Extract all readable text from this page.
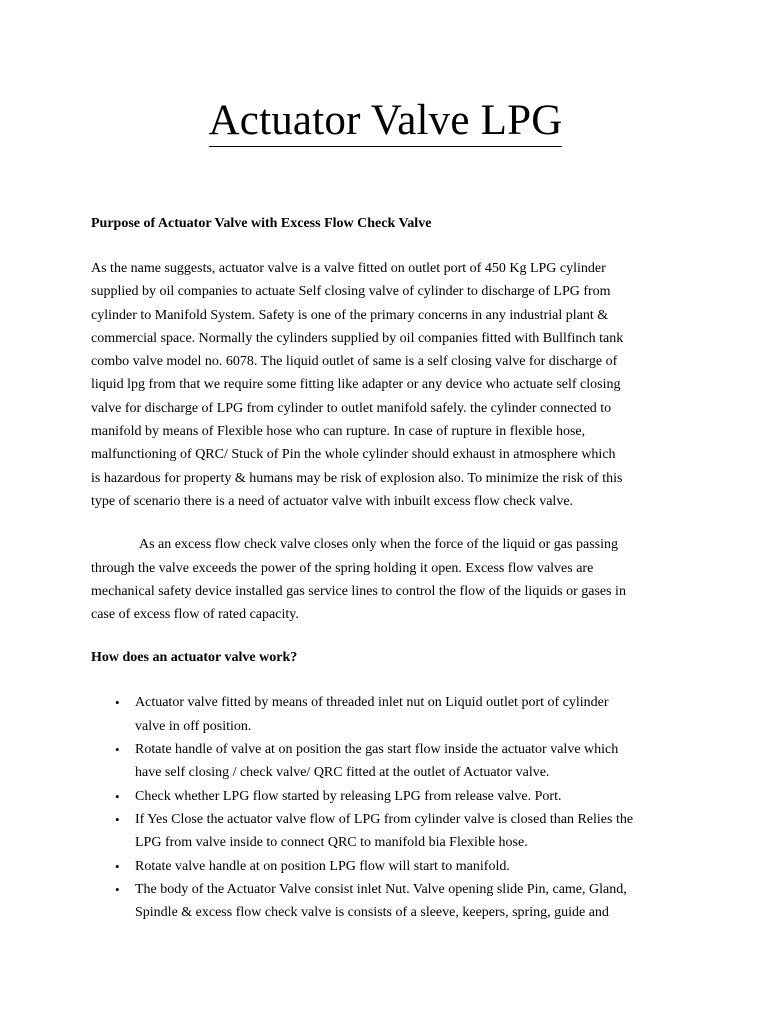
Actuator Valve LPG

Purpose of Actuator Valve with Excess Flow Check Valve

As the name suggests, actuator valve is a valve fitted on outlet port of 450 Kg LPG cylinder
supplied by oil companies to actuate Self closing valve of cylinder to discharge of LPG from
cylinder to Manifold System. Safety is one of the primary concerns in any industrial plant &
commercial space. Normally the cylinders supplied by oil companies fitted with Bullfinch tank
combo valve model no. 6078. The liquid outlet of same is a self closing valve for discharge of
liquid lpg from that we require some fitting like adapter or any device who actuate self closing
valve for discharge of LPG from cylinder to outlet manifold safely. the cylinder connected to
manifold by means of Flexible hose who can rupture. In case of rupture in flexible hose,
malfunctioning of QRC/ Stuck of Pin the whole cylinder should exhaust in atmosphere which
is hazardous for property & humans may be risk of explosion also. To minimize the risk of this
type of scenario there is a need of actuator valve with inbuilt excess flow check valve.

As an excess flow check valve closes only when the force of the liquid or gas passing
through the valve exceeds the power of the spring holding it open. Excess flow valves are
mechanical safety device installed gas service lines to control the flow of the liquids or gases in
case of excess flow of rated capacity.

How does an actuator valve work?

• Actuator valve fitted by means of threaded inlet nut on Liquid outlet port of cylinder
valve in off position.
• Rotate handle of valve at on position the gas start flow inside the actuator valve which
have self closing / check valve/ QRC fitted at the outlet of Actuator valve.
• Check whether LPG flow started by releasing LPG from release valve. Port.
• If Yes Close the actuator valve flow of LPG from cylinder valve is closed than Relies the
LPG from valve inside to connect QRC to manifold bia Flexible hose.
• Rotate valve handle at on position LPG flow will start to manifold.
• The body of the Actuator Valve consist inlet Nut. Valve opening slide Pin, came, Gland,
Spindle & excess flow check valve is consists of a sleeve, keepers, spring, guide and
